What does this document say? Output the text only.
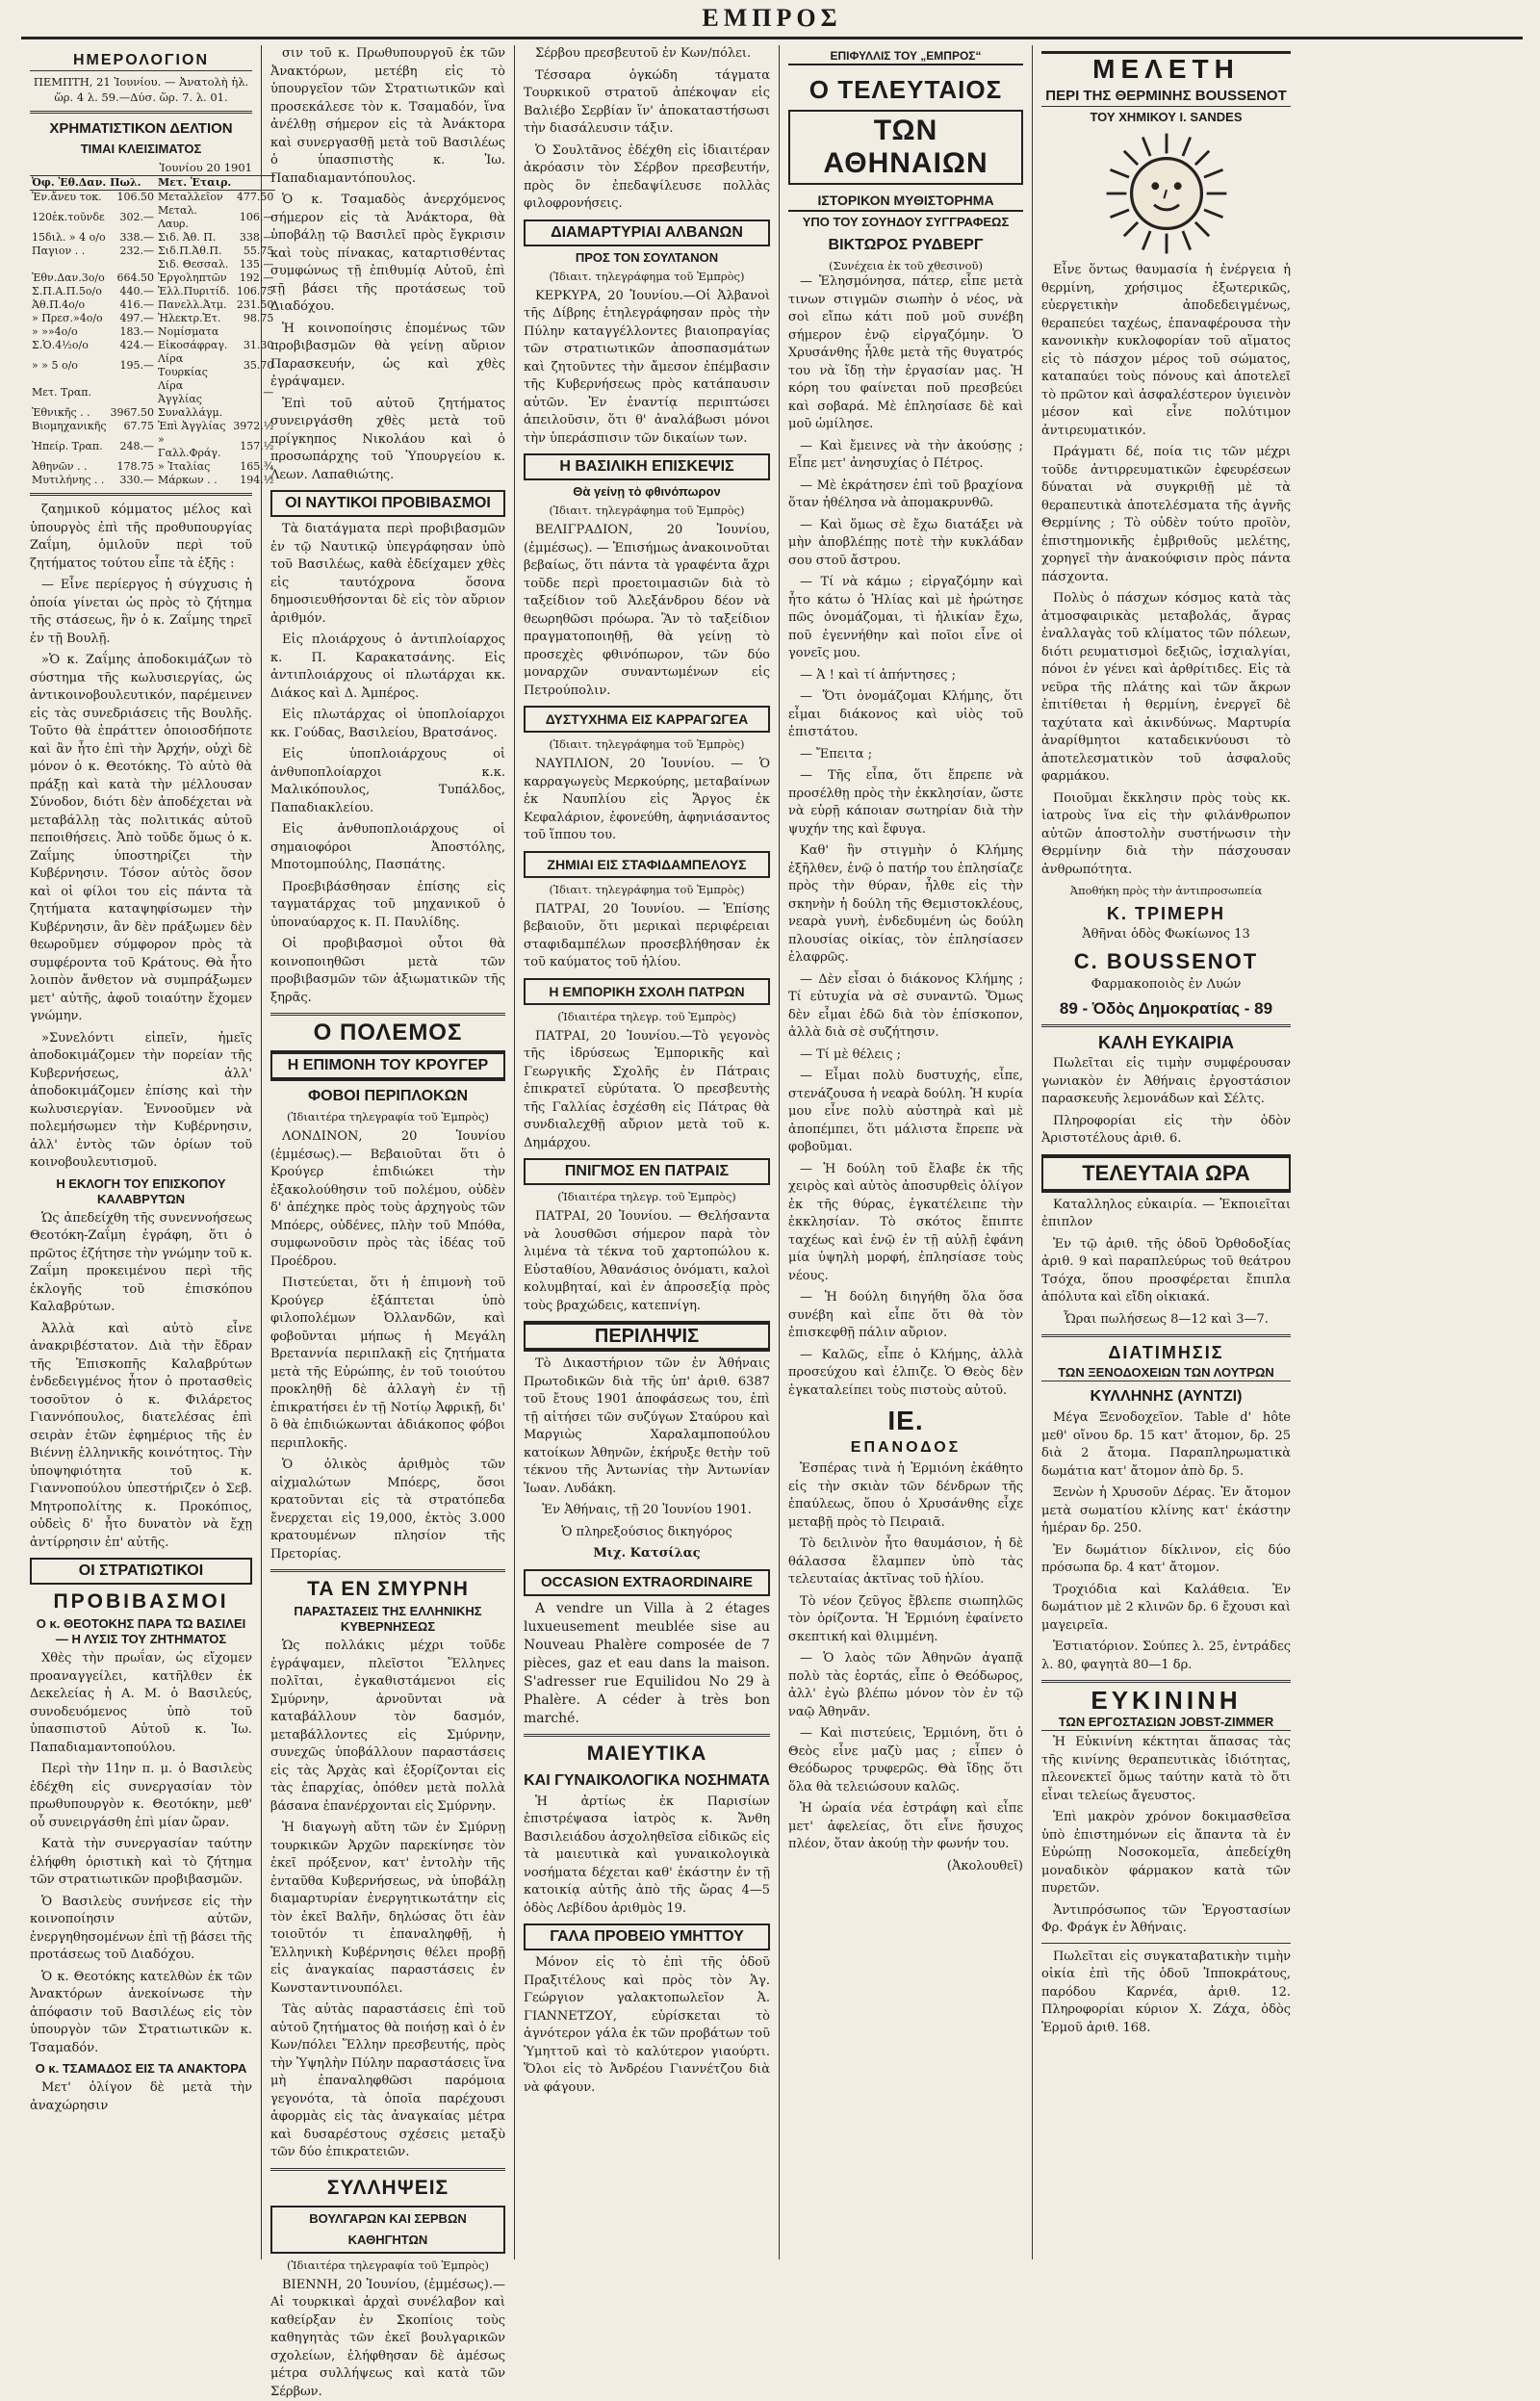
ΕΜΠΡΟΣ
ΗΜΕΡΟΛΟΓΙΟΝ
ΠΕΜΠΤΗ, 21 Ἰουνίου. — Ἀνατολὴ ἡλ.
ὥρ. 4 λ. 59.—Δύσ. ὥρ. 7. λ. 01.
ΧΡΗΜΑΤΙΣΤΙΚΟΝ ΔΕΛΤΙΟΝ
ΤΙΜΑΙ ΚΛΕΙΣΙΜΑΤΟΣ
Ἰουνίου 20 1901
Ὀφ. Ἐθ.Δαν. Πωλ.		Μετ. Ἑταιρ.	
Ἐν.ἄνευ τοκ.	106.50	Μεταλλεῖον	477.50
120ἑκ.τοῦνδε	302.—	Μεταλ. Λαυρ.	106.—
15διλ. » 4 ο/ο	338.—	Σιδ. Ἀθ. Π.	338.—
Παγιον . .	232.—	Σιδ.Π.Ἀθ.Π.	55.75
		Σιδ. Θεσσαλ.	135.—
Ἐθν.Δαν.3ο/ο	664.50	Ἐργοληπτῶν	192.—
Σ.Π.Α.Π.5ο/ο	440.—	Ἑλλ.Πυριτίδ.	106.75
Ἀθ.Π.4ο/ο	416.—	Πανελλ.Ἀτμ.	231.50
» Πρεσ.»4ο/ο	497.—	Ἠλεκτρ.Ἑτ.	98.75
» »»4ο/ο	183.—	Νομίσματα	
Σ.Ὁ.4½ο/ο	424.—	Εἰκοσάφραγ.	31.30
» » 5 ο/ο	195.—	Λίρα Τουρκίας	35.70
Μετ. Τραπ.		Λίρα Ἀγγλίας	—
Ἐθνικῆς . .	3967.50	Συναλλάγμ.	
Βιομηχανικῆς	67.75	Ἐπὶ Ἀγγλίας	3972.½
Ἠπείρ. Τραπ.	248.—	» Γαλλ.Φράγ.	157.½
Ἀθηνῶν . .	178.75	» Ἰταλίας	165.¾
Μυτιλήνης . .	330.—	Μάρκων . .	194.½

ζαημικοῦ κόμματος μέλος καὶ ὑπουργὸς ἐπὶ τῆς προθυπουργίας Ζαΐμη, ὁμιλοῦν περὶ τοῦ ζητήματος τούτου εἶπε τὰ ἑξῆς :

— Εἶνε περίεργος ἡ σύγχυσις ἡ ὁποία γίνεται ὡς πρὸς τὸ ζήτημα τῆς στάσεως, ἣν ὁ κ. Ζαΐμης τηρεῖ ἐν τῇ Βουλῇ.

»Ὁ κ. Ζαΐμης ἀποδοκιμάζων τὸ σύστημα τῆς κωλυσιεργίας, ὡς ἀντικοινοβουλευτικόν, παρέμεινεν εἰς τὰς συνεδριάσεις τῆς Βουλῆς. Τοῦτο θὰ ἐπράττεν ὁποιοσδήποτε καὶ ἂν ἦτο ἐπὶ τὴν Ἀρχήν, οὐχὶ δὲ μόνον ὁ κ. Θεοτόκης. Τὸ αὐτὸ θὰ πράξῃ καὶ κατὰ τὴν μέλλουσαν Σύνοδον, διότι δὲν ἀποδέχεται νὰ μεταβάλλῃ τὰς πολιτικάς αὐτοῦ πεποιθήσεις. Ἀπὸ τοῦδε ὅμως ὁ κ. Ζαΐμης ὑποστηρίζει τὴν Κυβέρνησιν. Τόσον αὐτὸς ὅσον καὶ οἱ φίλοι του εἰς πάντα τὰ ζητήματα καταψηφίσωμεν τὴν Κυβέρνησιν, ἂν δὲν πράξωμεν δὲν θεωροῦμεν σύμφορον πρὸς τὰ συμφέροντα τοῦ Κράτους. Θὰ ἦτο λοιπὸν ἄνθετον νὰ συμπράξωμεν μετ' αὐτῆς, ἀφοῦ τοιαύτην ἔχομεν γνώμην.

»Συνελόντι εἰπεῖν, ἡμεῖς ἀποδοκιμάζομεν τὴν πορείαν τῆς Κυβερνήσεως, ἀλλ' ἀποδοκιμάζομεν ἐπίσης καὶ τὴν κωλυσιεργίαν. Ἐννοοῦμεν νὰ πολεμήσωμεν τὴν Κυβέρνησιν, ἀλλ' ἐντὸς τῶν ὁρίων τοῦ κοινοβουλευτισμοῦ.

Η ΕΚΛΟΓΗ ΤΟΥ ΕΠΙΣΚΟΠΟΥ ΚΑΛΑΒΡΥΤΩΝ

Ὡς ἀπεδείχθη τῆς συνεννοήσεως Θεοτόκη-Ζαΐμη ἐγράφη, ὅτι ὁ πρῶτος ἐζήτησε τὴν γνώμην τοῦ κ. Ζαΐμη προκειμένου περὶ τῆς ἐκλογῆς τοῦ ἐπισκόπου Καλαβρύτων.

Ἀλλὰ καὶ αὐτὸ εἶνε ἀνακριβέστατον. Διὰ τὴν ἕδραν τῆς Ἐπισκοπῆς Καλαβρύτων ἐνδεδειγμένος ἦτον ὁ προτασθεὶς τοσοῦτον ὁ κ. Φιλάρετος Γιαννόπουλος, διατελέσας ἐπὶ σειρὰν ἐτῶν ἐφημέριος τῆς ἐν Βιέννῃ ἑλληνικῆς κοινότητος. Τὴν ὑποψηφιότητα τοῦ κ. Γιαννοπούλου ὑπεστήριζεν ὁ Σεβ. Μητροπολίτης κ. Προκόπιος, οὐδεὶς δ' ἦτο δυνατὸν νὰ ἔχῃ ἀντίρρησιν ἐπ' αὐτῆς.

ΟΙ ΣΤΡΑΤΙΩΤΙΚΟΙ
ΠΡΟΒΙΒΑΣΜΟΙ
Ο κ. ΘΕΟΤΟΚΗΣ ΠΑΡΑ ΤΩ ΒΑΣΙΛΕΙ — Η ΛΥΣΙΣ ΤΟΥ ΖΗΤΗΜΑΤΟΣ

Χθὲς τὴν πρωΐαν, ὡς εἴχομεν προαναγγείλει, κατῆλθεν ἐκ Δεκελείας ἡ Α. Μ. ὁ Βασιλεύς, συνοδευόμενος ὑπὸ τοῦ ὑπασπιστοῦ Αὐτοῦ κ. Ἰω. Παπαδιαμαντοπούλου.

Περὶ τὴν 11ην π. μ. ὁ Βασιλεὺς ἐδέχθη εἰς συνεργασίαν τὸν πρωθυπουργὸν κ. Θεοτόκην, μεθ' οὗ συνειργάσθη ἐπὶ μίαν ὥραν.

Κατὰ τὴν συνεργασίαν ταύτην ἐλήφθη ὁριστικὴ καὶ τὸ ζήτημα τῶν στρατιωτικῶν προβιβασμῶν.

Ὁ Βασιλεὺς συνήνεσε εἰς τὴν κοινοποίησιν αὐτῶν, ἐνεργηθησομένων ἐπὶ τῇ βάσει τῆς προτάσεως τοῦ Διαδόχου.

Ὁ κ. Θεοτόκης κατελθὼν ἐκ τῶν Ἀνακτόρων ἀνεκοίνωσε τὴν ἀπόφασιν τοῦ Βασιλέως εἰς τὸν ὑπουργὸν τῶν Στρατιωτικῶν κ. Τσαμαδόν.

Ο κ. ΤΣΑΜΑΔΟΣ ΕΙΣ ΤΑ ΑΝΑΚΤΟΡΑ

Μετ' ὀλίγον δὲ μετὰ τὴν ἀναχώρησιν

σιν τοῦ κ. Πρωθυπουργοῦ ἐκ τῶν Ἀνακτόρων, μετέβη εἰς τὸ ὑπουργεῖον τῶν Στρατιωτικῶν καὶ προσεκάλεσε τὸν κ. Τσαμαδόν, ἵνα ἀνέλθῃ σήμερον εἰς τὰ Ἀνάκτορα καὶ συνεργασθῇ μετὰ τοῦ Βασιλέως ὁ ὑπασπιστὴς κ. Ἰω. Παπαδιαμαντόπουλος.

Ὁ κ. Τσαμαδὸς ἀνερχόμενος σήμερον εἰς τὰ Ἀνάκτορα, θὰ ὑποβάλῃ τῷ Βασιλεῖ πρὸς ἔγκρισιν καὶ τοὺς πίνακας, καταρτισθέντας συμφώνως τῇ ἐπιθυμίᾳ Αὐτοῦ, ἐπὶ τῇ βάσει τῆς προτάσεως τοῦ Διαδόχου.

Ἡ κοινοποίησις ἐπομένως τῶν προβιβασμῶν θὰ γείνῃ αὔριον Παρασκευήν, ὡς καὶ χθὲς ἐγράψαμεν.

Ἐπὶ τοῦ αὐτοῦ ζητήματος συνειργάσθη χθὲς μετὰ τοῦ πρίγκηπος Νικολάου καὶ ὁ προσωπάρχης τοῦ Ὑπουργείου κ. Λεων. Λαπαθιώτης.

ΟΙ ΝΑΥΤΙΚΟΙ ΠΡΟΒΙΒΑΣΜΟΙ

Τὰ διατάγματα περὶ προβιβασμῶν ἐν τῷ Ναυτικῷ ὑπεγράφησαν ὑπὸ τοῦ Βασιλέως, καθὰ ἐδείχαμεν χθὲς εἰς ταυτόχρονα ὅσονα δημοσιευθήσονται δὲ εἰς τὸν αὔριον ἀριθμόν.

Εἰς πλοιάρχους ὁ ἀντιπλοίαρχος κ. Π. Καρακατσάνης. Εἰς ἀντιπλοιάρχους οἱ πλωτάρχαι κκ. Διάκος καὶ Δ. Ἀμπέρος.

Εἰς πλωτάρχας οἱ ὑποπλοίαρχοι κκ. Γούδας, Βασιλείου, Βρατσάνος.

Εἰς ὑποπλοιάρχους οἱ ἀνθυποπλοίαρχοι κ.κ. Μαλικόπουλος, Τυπάλδος, Παπαδιακλείου.

Εἰς ἀνθυποπλοιάρχους οἱ σημαιοφόροι Ἀποστόλης, Μποτομπούλης, Πασπάτης.

Προεβιβάσθησαν ἐπίσης εἰς ταγματάρχας τοῦ μηχανικοῦ ὁ ὑποναύαρχος κ. Π. Παυλίδης.

Οἱ προβιβασμοὶ οὗτοι θὰ κοινοποιηθῶσι μετὰ τῶν προβιβασμῶν τῶν ἀξιωματικῶν τῆς ξηρᾶς.

Ο ΠΟΛΕΜΟΣ
Η ΕΠΙΜΟΝΗ ΤΟΥ ΚΡΟΥΓΕΡ
ΦΟΒΟΙ ΠΕΡΙΠΛΟΚΩΝ

(Ἰδιαιτέρα τηλεγραφία τοῦ Ἐμπρὸς)

ΛΟΝΔΙΝΟΝ, 20 Ἰουνίου (ἐμμέσως).— Βεβαιοῦται ὅτι ὁ Κρούγερ ἐπιδιώκει τὴν ἐξακολούθησιν τοῦ πολέμου, οὐδὲν δ' ἀπέχηκε πρὸς τοὺς ἀρχηγοὺς τῶν Μπόερς, οὐδένες, πλὴν τοῦ Μπόθα, συμφωνοῦσιν πρὸς τὰς ἰδέας τοῦ Προέδρου.

Πιστεύεται, ὅτι ἡ ἐπιμονὴ τοῦ Κρούγερ ἐξάπτεται ὑπὸ φιλοπολέμων Ὀλλανδῶν, καὶ φοβοῦνται μήπως ἡ Μεγάλη Βρεταννία περιπλακῇ εἰς ζητήματα μετὰ τῆς Εὐρώπης, ἐν τοῦ τοιούτου προκληθῇ δὲ ἀλλαγὴ ἐν τῇ ἐπικρατήσει ἐν τῇ Νοτίῳ Ἀφρικῇ, δι' ὃ θὰ ἐπιδιώκωνται ἀδιάκοπος φόβοι περιπλοκῆς.

Ὁ ὀλικὸς ἀριθμὸς τῶν αἰχμαλώτων Μπόερς, ὅσοι κρατοῦνται εἰς τὰ στρατόπεδα ἔνερχεται εἰς 19,000, ἐκτὸς 3.000 κρατουμένων πλησίον τῆς Πρετορίας.

ΤΑ ΕΝ ΣΜΥΡΝΗ
ΠΑΡΑΣΤΑΣΕΙΣ ΤΗΣ ΕΛΛΗΝΙΚΗΣ ΚΥΒΕΡΝΗΣΕΩΣ

Ὡς πολλάκις μέχρι τοῦδε ἐγράψαμεν, πλεῖστοι Ἕλληνες πολῖται, ἐγκαθιστάμενοι εἰς Σμύρνην, ἀρνοῦνται νὰ καταβάλλουν τὸν δασμόν, μεταβάλλοντες εἰς Σμύρνην, συνεχῶς ὑποβάλλουν παραστάσεις εἰς τὰς Ἀρχὰς καὶ ἐξορίζονται εἰς τὰς ἐπαρχίας, ὁπόθεν μετὰ πολλὰ βάσανα ἐπανέρχονται εἰς Σμύρνην.

Ἡ διαγωγὴ αὕτη τῶν ἐν Σμύρνῃ τουρκικῶν Ἀρχῶν παρεκίνησε τὸν ἐκεῖ πρόξενον, κατ' ἐντολὴν τῆς ἐνταῦθα Κυβερνήσεως, νὰ ὑποβάλῃ διαμαρτυρίαν ἐνεργητικωτάτην εἰς τὸν ἐκεῖ Βαλῆν, δηλώσας ὅτι ἐὰν τοιοῦτόν τι ἐπαναληφθῇ, ἡ Ἑλληνικὴ Κυβέρνησις θέλει προβῇ εἰς ἀναγκαίας παραστάσεις ἐν Κωνσταντινουπόλει.

Τὰς αὐτὰς παραστάσεις ἐπὶ τοῦ αὐτοῦ ζητήματος θὰ ποιήσῃ καὶ ὁ ἐν Κων/πόλει Ἕλλην πρεσβευτής, πρὸς τὴν Ὑψηλὴν Πύλην παραστάσεις ἵνα μὴ ἐπαναληφθῶσι παρόμοια γεγονότα, τὰ ὁποῖα παρέχουσι ἀφορμὰς εἰς τὰς ἀναγκαίας μέτρα καὶ δυσαρέστους σχέσεις μεταξὺ τῶν δύο ἐπικρατειῶν.

ΣΥΛΛΗΨΕΙΣ
ΒΟΥΛΓΑΡΩΝ ΚΑΙ ΣΕΡΒΩΝ ΚΑΘΗΓΗΤΩΝ

(Ἰδιαιτέρα τηλεγραφία τοῦ Ἐμπρὸς)

ΒΙΕΝΝΗ, 20 Ἰουνίου, (ἐμμέσως).— Αἱ τουρκικαὶ ἀρχαὶ συνέλαβον καὶ καθείρξαν ἐν Σκοπίοις τοὺς καθηγητὰς τῶν ἐκεῖ βουλγαρικῶν σχολείων, ἐλήφθησαν δὲ ἀμέσως μέτρα συλλήψεως καὶ κατὰ τῶν Σέρβων.

Σέρβου πρεσβευτοῦ ἐν Κων/πόλει.

Τέσσαρα ὀγκώδη τάγματα Τουρκικοῦ στρατοῦ ἀπέκοψαν εἰς Βαλιέβο Σερβίαν ἵν' ἀποκαταστήσωσι τὴν διασάλευσιν τάξιν.

Ὁ Σουλτᾶνος ἐδέχθη εἰς ἰδιαιτέραν ἀκρόασιν τὸν Σέρβον πρεσβευτήν, πρὸς ὃν ἐπεδαψίλευσε πολλὰς φιλοφρονήσεις.

ΔΙΑΜΑΡΤΥΡΙΑΙ ΑΛΒΑΝΩΝ
ΠΡΟΣ ΤΟΝ ΣΟΥΛΤΑΝΟΝ

(Ἰδιαιτ. τηλεγράφημα τοῦ Ἐμπρὸς)

ΚΕΡΚΥΡΑ, 20 Ἰουνίου.—Οἱ Ἀλβανοὶ τῆς Δίβρης ἐτηλεγράφησαν πρὸς τὴν Πύλην καταγγέλλοντες βιαιοπραγίας τῶν στρατιωτικῶν ἀποσπασμάτων καὶ ζητοῦντες τὴν ἄμεσον ἐπέμβασιν τῆς Κυβερνήσεως πρὸς κατάπαυσιν αὐτῶν. Ἐν ἐναντίᾳ περιπτώσει ἀπειλοῦσιν, ὅτι θ' ἀναλάβωσι μόνοι τὴν ὑπεράσπισιν τῶν δικαίων των.

Η ΒΑΣΙΛΙΚΗ ΕΠΙΣΚΕΨΙΣ
Θὰ γείνῃ τὸ φθινόπωρον

(Ἰδιαιτ. τηλεγράφημα τοῦ Ἐμπρὸς)

ΒΕΛΙΓΡΑΔΙΟΝ, 20 Ἰουνίου, (ἐμμέσως). — Ἐπισήμως ἀνακοινοῦται βεβαίως, ὅτι πάντα τὰ γραφέντα ἄχρι τοῦδε περὶ προετοιμασιῶν διὰ τὸ ταξείδιον τοῦ Ἀλεξάνδρου δέον νὰ θεωρηθῶσι πρόωρα. Ἂν τὸ ταξείδιον πραγματοποιηθῇ, θὰ γείνῃ τὸ προσεχὲς φθινόπωρον, τῶν δύο μοναρχῶν συναντωμένων εἰς Πετρούπολιν.

ΔΥΣΤΥΧΗΜΑ ΕΙΣ ΚΑΡΡΑΓΩΓΕΑ

(Ἰδιαιτ. τηλεγράφημα τοῦ Ἐμπρὸς)

ΝΑΥΠΛΙΟΝ, 20 Ἰουνίου. — Ὁ καρραγωγεὺς Μερκούρης, μεταβαίνων ἐκ Ναυπλίου εἰς Ἄργος ἐκ Κεφαλάριον, ἐφονεύθη, ἀφηνιάσαντος τοῦ ἵππου του.

ΖΗΜΙΑΙ ΕΙΣ ΣΤΑΦΙΔΑΜΠΕΛΟΥΣ

(Ἰδιαιτ. τηλεγράφημα τοῦ Ἐμπρὸς)

ΠΑΤΡΑΙ, 20 Ἰουνίου. — Ἐπίσης βεβαιοῦν, ὅτι μερικαὶ περιφέρειαι σταφιδαμπέλων προσεβλήθησαν ἐκ τοῦ καύματος τοῦ ἡλίου.

Η ΕΜΠΟΡΙΚΗ ΣΧΟΛΗ ΠΑΤΡΩΝ

(Ἰδιαιτέρα τηλεγρ. τοῦ Ἐμπρὸς)

ΠΑΤΡΑΙ, 20 Ἰουνίου.—Τὸ γεγονὸς τῆς ἱδρύσεως Ἐμπορικῆς καὶ Γεωργικῆς Σχολῆς ἐν Πάτραις ἐπικρατεῖ εὐρύτατα. Ὁ πρεσβευτὴς τῆς Γαλλίας ἐσχέσθη εἰς Πάτρας θὰ συνδιαλεχθῇ αὔριον μετὰ τοῦ κ. Δημάρχου.

ΠΝΙΓΜΟΣ ΕΝ ΠΑΤΡΑΙΣ

(Ἰδιαιτέρα τηλεγρ. τοῦ Ἐμπρὸς)

ΠΑΤΡΑΙ, 20 Ἰουνίου. — Θελήσαντα νὰ λουσθῶσι σήμερον παρὰ τὸν λιμένα τὰ τέκνα τοῦ χαρτοπώλου κ. Εὐσταθίου, Ἀθανάσιος ὀνόματι, καλοὶ κολυμβηταί, καὶ ἐν ἀπροσεξίᾳ πρὸς τοὺς βραχώδεις, κατεπνίγη.

ΠΕΡΙΛΗΨΙΣ

Τὸ Δικαστήριον τῶν ἐν Ἀθήναις Πρωτοδικῶν διὰ τῆς ὑπ' ἀριθ. 6387 τοῦ ἔτους 1901 ἀποφάσεως του, ἐπὶ τῇ αἰτήσει τῶν συζύγων Σταύρου καὶ Μαργιὼς Χαραλαμποπούλου κατοίκων Ἀθηνῶν, ἐκήρυξε θετὴν τοῦ τέκνου τῆς Ἀντωνίας τὴν Ἀντωνίαν Ἰωαν. Λυδάκη.

Ἐν Ἀθήναις, τῇ 20 Ἰουνίου 1901.

Ὁ πληρεξούσιος δικηγόρος

Μιχ. Κατσίλας

OCCASION EXTRAORDINAIRE

A vendre un Villa à 2 étages luxueusement meublée sise au Nouveau Phalère composée de 7 pièces, gaz et eau dans la maison. S'adresser rue Equilidou No 29 à Phalère. A céder à très bon marché.

ΜΑΙΕΥΤΙΚΑ
ΚΑΙ ΓΥΝΑΙΚΟΛΟΓΙΚΑ ΝΟΣΗΜΑΤΑ

Ἡ ἀρτίως ἐκ Παρισίων ἐπιστρέψασα ἰατρὸς κ. Ἄνθη Βασιλειάδου ἀσχοληθεῖσα εἰδικῶς εἰς τὰ μαιευτικὰ καὶ γυναικολογικὰ νοσήματα δέχεται καθ' ἑκάστην ἐν τῇ κατοικίᾳ αὐτῆς ἀπὸ τῆς ὥρας 4—5 ὁδὸς Λεβίδου ἀριθμὸς 19.

ΓΑΛΑ ΠΡΟΒΕΙΟ ΥΜΗΤΤΟΥ

Μόνον εἰς τὸ ἐπὶ τῆς ὁδοῦ Πραξιτέλους καὶ πρὸς τὸν Ἁγ. Γεώργιον γαλακτοπωλεῖον Ἀ. ΓΙΑΝΝΕΤΖΟΥ, εὑρίσκεται τὸ ἀγνότερον γάλα ἐκ τῶν προβάτων τοῦ Ὑμηττοῦ καὶ τὸ καλύτερον γιαούρτι. Ὅλοι εἰς τὸ Ἀνδρέου Γιαννέτζου διὰ νὰ φάγουν.

ΕΠΙΦΥΛΛΙΣ ΤΟΥ „ΕΜΠΡΟΣ“
Ο ΤΕΛΕΥΤΑΙΟΣ
ΤΩΝ ΑΘΗΝΑΙΩΝ
ΙΣΤΟΡΙΚΟΝ ΜΥΘΙΣΤΟΡΗΜΑ
ΥΠΟ ΤΟΥ ΣΟΥΗΔΟΥ ΣΥΓΓΡΑΦΕΩΣ
ΒΙΚΤΩΡΟΣ ΡΥΔΒΕΡΓ
(Συνέχεια ἐκ τοῦ χθεσινοῦ)

— Ἑλησμόνησα, πάτερ, εἶπε μετὰ τινων στιγμῶν σιωπὴν ὁ νέος, νὰ σοὶ εἴπω κάτι ποῦ μοῦ συνέβη σήμερον ἐνῷ εἰργαζόμην. Ὁ Χρυσάνθης ἦλθε μετὰ τῆς θυγατρός του νὰ ἴδῃ τὴν ἐργασίαν μας. Ἡ κόρη του φαίνεται ποῦ πρεσβεύει καὶ σοβαρά. Μὲ ἐπλησίασε δὲ καὶ μοῦ ὡμίλησε.

— Καὶ ἔμεινες νὰ τὴν ἀκούσῃς ; Εἶπε μετ' ἀνησυχίας ὁ Πέτρος.

— Μὲ ἐκράτησεν ἐπὶ τοῦ βραχίονα ὅταν ἠθέλησα νὰ ἀπομακρυνθῶ.

— Καὶ ὅμως σὲ ἔχω διατάξει νὰ μὴν ἀποβλέπῃς ποτὲ τὴν κυκλάδαν σου στοῦ ἄστρου.

— Τί νὰ κάμω ; εἰργαζόμην καὶ ἦτο κάτω ὁ Ἡλίας καὶ μὲ ἠρώτησε πῶς ὀνομάζομαι, τὶ ἡλικίαν ἔχω, ποῦ ἐγεννήθην καὶ ποῖοι εἶνε οἱ γονεῖς μου.

— Ἀ ! καὶ τί ἀπήντησες ;

— Ὅτι ὀνομάζομαι Κλήμης, ὅτι εἶμαι διάκονος καὶ υἱὸς τοῦ ἐπιστάτου.

— Ἔπειτα ;

— Τῆς εἶπα, ὅτι ἔπρεπε νὰ προσέλθῃ πρὸς τὴν ἐκκλησίαν, ὥστε νὰ εὑρῇ κάποιαν σωτηρίαν διὰ τὴν ψυχήν της καὶ ἔφυγα.

Καθ' ἣν στιγμὴν ὁ Κλήμης ἐξῆλθεν, ἐνῷ ὁ πατήρ του ἐπλησίαζε πρὸς τὴν θύραν, ἦλθε εἰς τὴν σκηνὴν ἡ δούλη τῆς Θεμιστοκλέους, νεαρὰ γυνὴ, ἐνδεδυμένη ὡς δούλη πλουσίας οἰκίας, τὸν ἐπλησίασεν ἐλαφρῶς.

— Δὲν εἶσαι ὁ διάκονος Κλήμης ; Τί εὐτυχία νὰ σὲ συναντῶ. Ὅμως δὲν εἶμαι ἐδῶ διὰ τὸν ἐπίσκοπον, ἀλλὰ διὰ σὲ συζήτησιν.

— Τί μὲ θέλεις ;

— Εἶμαι πολὺ δυστυχής, εἶπε, στενάζουσα ἡ νεαρὰ δούλη. Ἡ κυρία μου εἶνε πολὺ αὐστηρὰ καὶ μὲ ἀποπέμπει, ὅτι μάλιστα ἔπρεπε νὰ φοβοῦμαι.

— Ἡ δούλη τοῦ ἔλαβε ἐκ τῆς χειρὸς καὶ αὐτὸς ἀποσυρθεὶς ὀλίγον ἐκ τῆς θύρας, ἐγκατέλειπε τὴν ἐκκλησίαν. Τὸ σκότος ἔπιπτε ταχέως καὶ ἐνῷ ἐν τῇ αὐλῇ ἐφάνη μία ὑψηλὴ μορφή, ἐπλησίασε τοὺς νέους.

— Ἡ δούλη διηγήθη ὅλα ὅσα συνέβη καὶ εἶπε ὅτι θὰ τὸν ἐπισκεφθῇ πάλιν αὔριον.

— Καλῶς, εἶπε ὁ Κλήμης, ἀλλὰ προσεύχου καὶ ἐλπιζε. Ὁ Θεὸς δὲν ἐγκαταλείπει τοὺς πιστοὺς αὐτοῦ.

ΙΕ.
ΕΠΑΝΟΔΟΣ

Ἐσπέρας τινὰ ἡ Ἑρμιόνη ἐκάθητο εἰς τὴν σκιὰν τῶν δένδρων τῆς ἐπαύλεως, ὅπου ὁ Χρυσάνθης εἶχε μεταβῇ πρὸς τὸ Πειραιᾶ.

Τὸ δειλινὸν ἦτο θαυμάσιον, ἡ δὲ θάλασσα ἔλαμπεν ὑπὸ τὰς τελευταίας ἀκτῖνας τοῦ ἡλίου.

Τὸ νέον ζεῦγος ἔβλεπε σιωπηλῶς τὸν ὁρίζοντα. Ἡ Ἑρμιόνη ἐφαίνετο σκεπτική καὶ θλιμμένη.

— Ὁ λαὸς τῶν Ἀθηνῶν ἀγαπᾷ πολὺ τὰς ἑορτάς, εἶπε ὁ Θεόδωρος, ἀλλ' ἐγὼ βλέπω μόνον τὸν ἐν τῷ ναῷ Ἀθηνᾶν.

— Καὶ πιστεύεις, Ἑρμιόνη, ὅτι ὁ Θεὸς εἶνε μαζὺ μας ; εἶπεν ὁ Θεόδωρος τρυφερῶς. Θὰ ἴδῃς ὅτι ὅλα θὰ τελειώσουν καλῶς.

Ἡ ὡραία νέα ἐστράφη καὶ εἶπε μετ' ἀφελείας, ὅτι εἶνε ἤσυχος πλέον, ὅταν ἀκούῃ τὴν φωνήν του.

(Ἀκολουθεῖ)

ΜΕΛΕΤΗ
ΠΕΡΙ ΤΗΣ ΘΕΡΜΙΝΗΣ BOUSSENOT
ΤΟΥ ΧΗΜΙΚΟΥ Ι. SANDES

Εἶνε ὅντως θαυμασία ἡ ἐνέργεια ἡ θερμίνη, χρήσιμος ἐξωτερικῶς, εὐεργετικὴν ἀποδεδειγμένως, θεραπεύει ταχέως, ἐπαναφέρουσα τὴν κανονικὴν κυκλοφορίαν τοῦ αἵματος εἰς τὸ πάσχον μέρος τοῦ σώματος, καταπαύει τοὺς πόνους καὶ ἀποτελεῖ τὸ πρῶτον καὶ ἀσφαλέστερον ὑγιεινὸν μέσον καὶ εἶνε πολύτιμον ἀντιρευματικόν.

Πράγματι δέ, ποία τις τῶν μέχρι τοῦδε ἀντιρρευματικῶν ἐφευρέσεων δύναται νὰ συγκριθῇ μὲ τὰ θεραπευτικὰ ἀποτελέσματα τῆς ἁγνῆς Θερμίνης ; Τὸ οὐδὲν τούτο προϊὸν, ἐπιστημονικῆς ἐμβριθοῦς μελέτης, χορηγεῖ τὴν ἀνακούφισιν πρὸς πάντα πάσχοντα.

Πολὺς ὁ πάσχων κόσμος κατὰ τὰς ἀτμοσφαιρικὰς μεταβολάς, ἄγρας ἐναλλαγὰς τοῦ κλίματος τῶν πόλεων, διότι ρευματισμοὶ δεξιῶς, ἰσχιαλγίαι, πόνοι ἐν γένει καὶ ἀρθρίτιδες. Εἰς τὰ νεῦρα τῆς πλάτης καὶ τῶν ἄκρων ἐπιτίθεται ἡ θερμίνη, ἐνεργεῖ δὲ ταχύτατα καὶ ἀκινδύνως. Μαρτυρία ἀναρίθμητοι καταδεικνύουσι τὸ ἀποτελεσματικὸν τοῦ ἀσφαλοῦς φαρμάκου.

Ποιοῦμαι ἔκκλησιν πρὸς τοὺς κκ. ἰατροὺς ἵνα εἰς τὴν φιλάνθρωπον αὐτῶν ἀποστολὴν συστήνωσιν τὴν Θερμίνην διὰ τὴν πάσχουσαν ἀνθρωπότητα.

Ἀποθήκη πρὸς τὴν ἀντιπροσωπεία

Κ. ΤΡΙΜΕΡΗ

Ἀθῆναι ὁδὸς Φωκίωνος 13

C. BOUSSENOT

Φαρμακοποιὸς ἐν Λυών

89 - Ὁδὸς Δημοκρατίας - 89
ΚΑΛΗ ΕΥΚΑΙΡΙΑ

Πωλεῖται εἰς τιμὴν συμφέρουσαν γωνιακὸν ἐν Ἀθήναις ἐργοστάσιον παρασκευῆς λεμονάδων καὶ Σέλτς.

Πληροφορίαι εἰς τὴν ὁδὸν Ἀριστοτέλους ἀριθ. 6.

ΤΕΛΕΥΤΑΙΑ ΩΡΑ

Καταλληλος εὐκαιρία. — Ἐκποιεῖται ἐπιπλον

Ἐν τῷ ἀριθ. τῆς ὁδοῦ Ὀρθοδοξίας ἀριθ. 9 καὶ παραπλεύρως τοῦ θεάτρου Τσόχα, ὅπου προσφέρεται ἔπιπλα ἀπόλυτα καὶ εἴδη οἰκιακά.

Ὧραι πωλήσεως 8—12 καὶ 3—7.

ΔΙΑΤΙΜΗΣΙΣ
ΤΩΝ ΞΕΝΟΔΟΧΕΙΩΝ ΤΩΝ ΛΟΥΤΡΩΝ
ΚΥΛΛΗΝΗΣ (ΑΥΝΤΖΙ)

Μέγα Ξενοδοχεῖον. Table d' hôte μεθ' οἴνου δρ. 15 κατ' ἄτομον, δρ. 25 διὰ 2 ἄτομα. Παραπληρωματικὰ δωμάτια κατ' ἄτομον ἀπὸ δρ. 5.

Ξενὼν ἡ Χρυσοῦν Δέρας. Ἐν ἄτομον μετὰ σωματίου κλίνης κατ' ἑκάστην ἡμέραν δρ. 250.

Ἐν δωμάτιον δίκλινον, εἰς δύο πρόσωπα δρ. 4 κατ' ἄτομον.

Τροχιόδια καὶ Καλάθεια. Ἐν δωμάτιον μὲ 2 κλινῶν δρ. 6 ἔχουσι καὶ μαγειρεῖα.

Ἑστιατόριον. Σούπες λ. 25, ἐντράδες λ. 80, φαγητὰ 80—1 δρ.

ΕΥΚΙΝΙΝΗ
ΤΩΝ ΕΡΓΟΣΤΑΣΙΩΝ JOBST-ZIMMER

Ἡ Εὐκινίνη κέκτηται ἅπασας τὰς τῆς κινίνης θεραπευτικὰς ἰδιότητας, πλεονεκτεῖ ὅμως ταύτην κατὰ τὸ ὅτι εἶναι τελείως ἄγευστος.

Ἐπὶ μακρὸν χρόνον δοκιμασθεῖσα ὑπὸ ἐπιστημόνων εἰς ἅπαντα τὰ ἐν Εὐρώπῃ Νοσοκομεῖα, ἀπεδείχθη μοναδικὸν φάρμακον κατὰ τῶν πυρετῶν.

Ἀντιπρόσωπος τῶν Ἐργοστασίων Φρ. Φράγκ ἐν Ἀθήναις.

Πωλεῖται εἰς συγκαταβατικὴν τιμὴν οἰκία ἐπὶ τῆς ὁδοῦ Ἱπποκράτους, παρόδου Καρνέα, ἀριθ. 12. Πληροφορίαι κύριον Χ. Ζάχα, ὁδὸς Ἑρμοῦ ἀριθ. 168.
